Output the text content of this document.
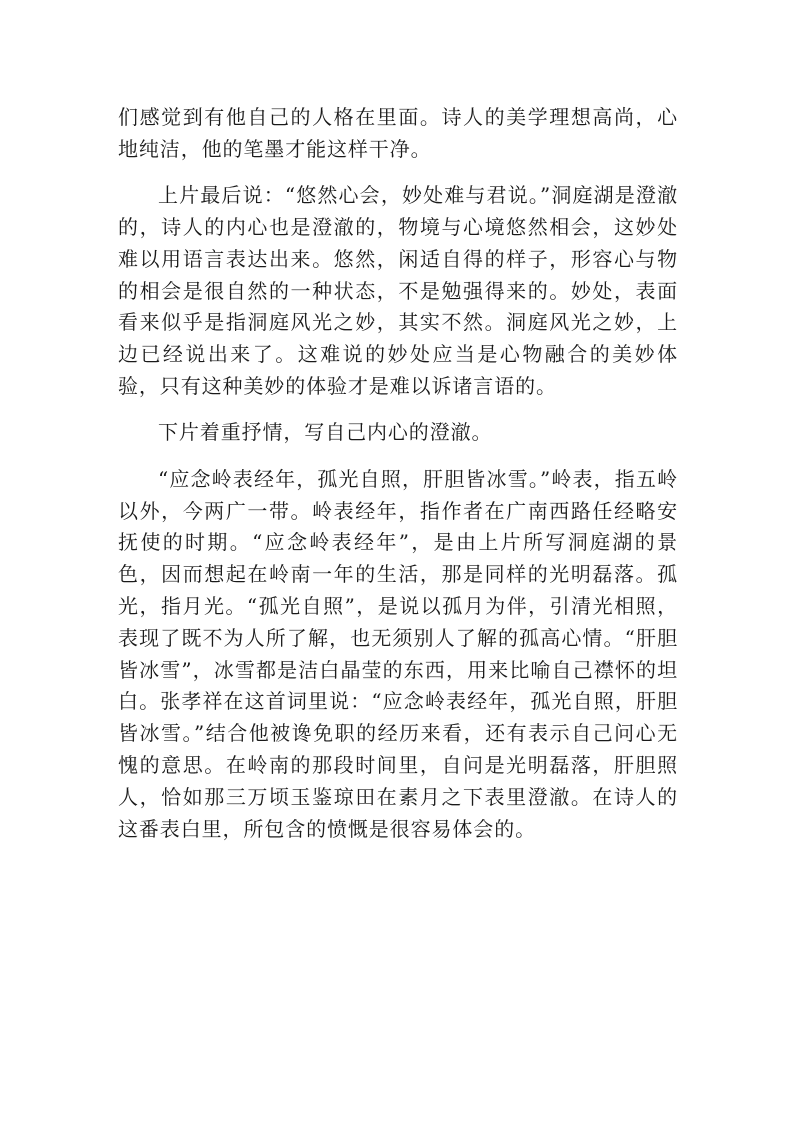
们感觉到有他自己的人格在里面。诗人的美学理想高尚，心地纯洁，他的笔墨才能这样干净。

上片最后说：“悠然心会，妙处难与君说。”洞庭湖是澄澈的，诗人的内心也是澄澈的，物境与心境悠然相会，这妙处难以用语言表达出来。悠然，闲适自得的样子，形容心与物的相会是很自然的一种状态，不是勉强得来的。妙处，表面看来似乎是指洞庭风光之妙，其实不然。洞庭风光之妙，上边已经说出来了。这难说的妙处应当是心物融合的美妙体验，只有这种美妙的体验才是难以诉诸言语的。

下片着重抒情，写自己内心的澄澈。

“应念岭表经年，孤光自照，肝胆皆冰雪。”岭表，指五岭以外，今两广一带。岭表经年，指作者在广南西路任经略安抚使的时期。“应念岭表经年”，是由上片所写洞庭湖的景色，因而想起在岭南一年的生活，那是同样的光明磊落。孤光，指月光。“孤光自照”，是说以孤月为伴，引清光相照，表现了既不为人所了解，也无须别人了解的孤高心情。“肝胆皆冰雪”，冰雪都是洁白晶莹的东西，用来比喻自己襟怀的坦白。张孝祥在这首词里说：“应念岭表经年，孤光自照，肝胆皆冰雪。”结合他被谗免职的经历来看，还有表示自己问心无愧的意思。在岭南的那段时间里，自问是光明磊落，肝胆照人，恰如那三万顷玉鉴琼田在素月之下表里澄澈。在诗人的这番表白里，所包含的愤慨是很容易体会的。
